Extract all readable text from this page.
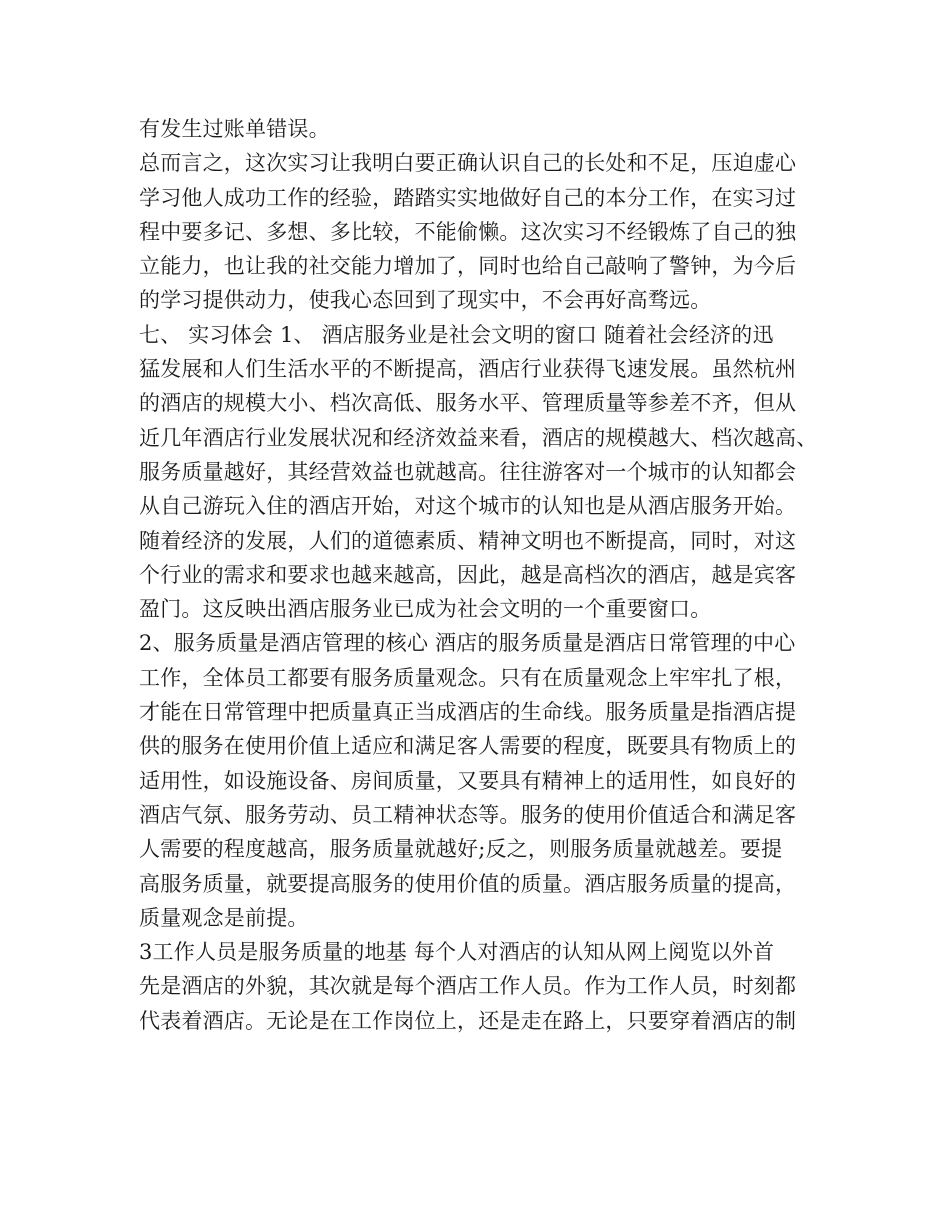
有发生过账单错误。
总而言之，这次实习让我明白要正确认识自己的长处和不足，压迫虚心
学习他人成功工作的经验，踏踏实实地做好自己的本分工作，在实习过
程中要多记、多想、多比较，不能偷懒。这次实习不经锻炼了自己的独
立能力，也让我的社交能力增加了，同时也给自己敲响了警钟，为今后
的学习提供动力，使我心态回到了现实中，不会再好高骛远。
七、 实习体会 1、 酒店服务业是社会文明的窗口 随着社会经济的迅
猛发展和人们生活水平的不断提高，酒店行业获得飞速发展。虽然杭州
的酒店的规模大小、档次高低、服务水平、管理质量等参差不齐，但从
近几年酒店行业发展状况和经济效益来看，酒店的规模越大、档次越高、
服务质量越好，其经营效益也就越高。往往游客对一个城市的认知都会
从自己游玩入住的酒店开始，对这个城市的认知也是从酒店服务开始。
随着经济的发展，人们的道德素质、精神文明也不断提高，同时，对这
个行业的需求和要求也越来越高，因此，越是高档次的酒店，越是宾客
盈门。这反映出酒店服务业已成为社会文明的一个重要窗口。
2、服务质量是酒店管理的核心 酒店的服务质量是酒店日常管理的中心
工作，全体员工都要有服务质量观念。只有在质量观念上牢牢扎了根，
才能在日常管理中把质量真正当成酒店的生命线。服务质量是指酒店提
供的服务在使用价值上适应和满足客人需要的程度，既要具有物质上的
适用性，如设施设备、房间质量，又要具有精神上的适用性，如良好的
酒店气氛、服务劳动、员工精神状态等。服务的使用价值适合和满足客
人需要的程度越高，服务质量就越好;反之，则服务质量就越差。要提
高服务质量，就要提高服务的使用价值的质量。酒店服务质量的提高，
质量观念是前提。
3工作人员是服务质量的地基 每个人对酒店的认知从网上阅览以外首
先是酒店的外貌，其次就是每个酒店工作人员。作为工作人员，时刻都
代表着酒店。无论是在工作岗位上，还是走在路上，只要穿着酒店的制
